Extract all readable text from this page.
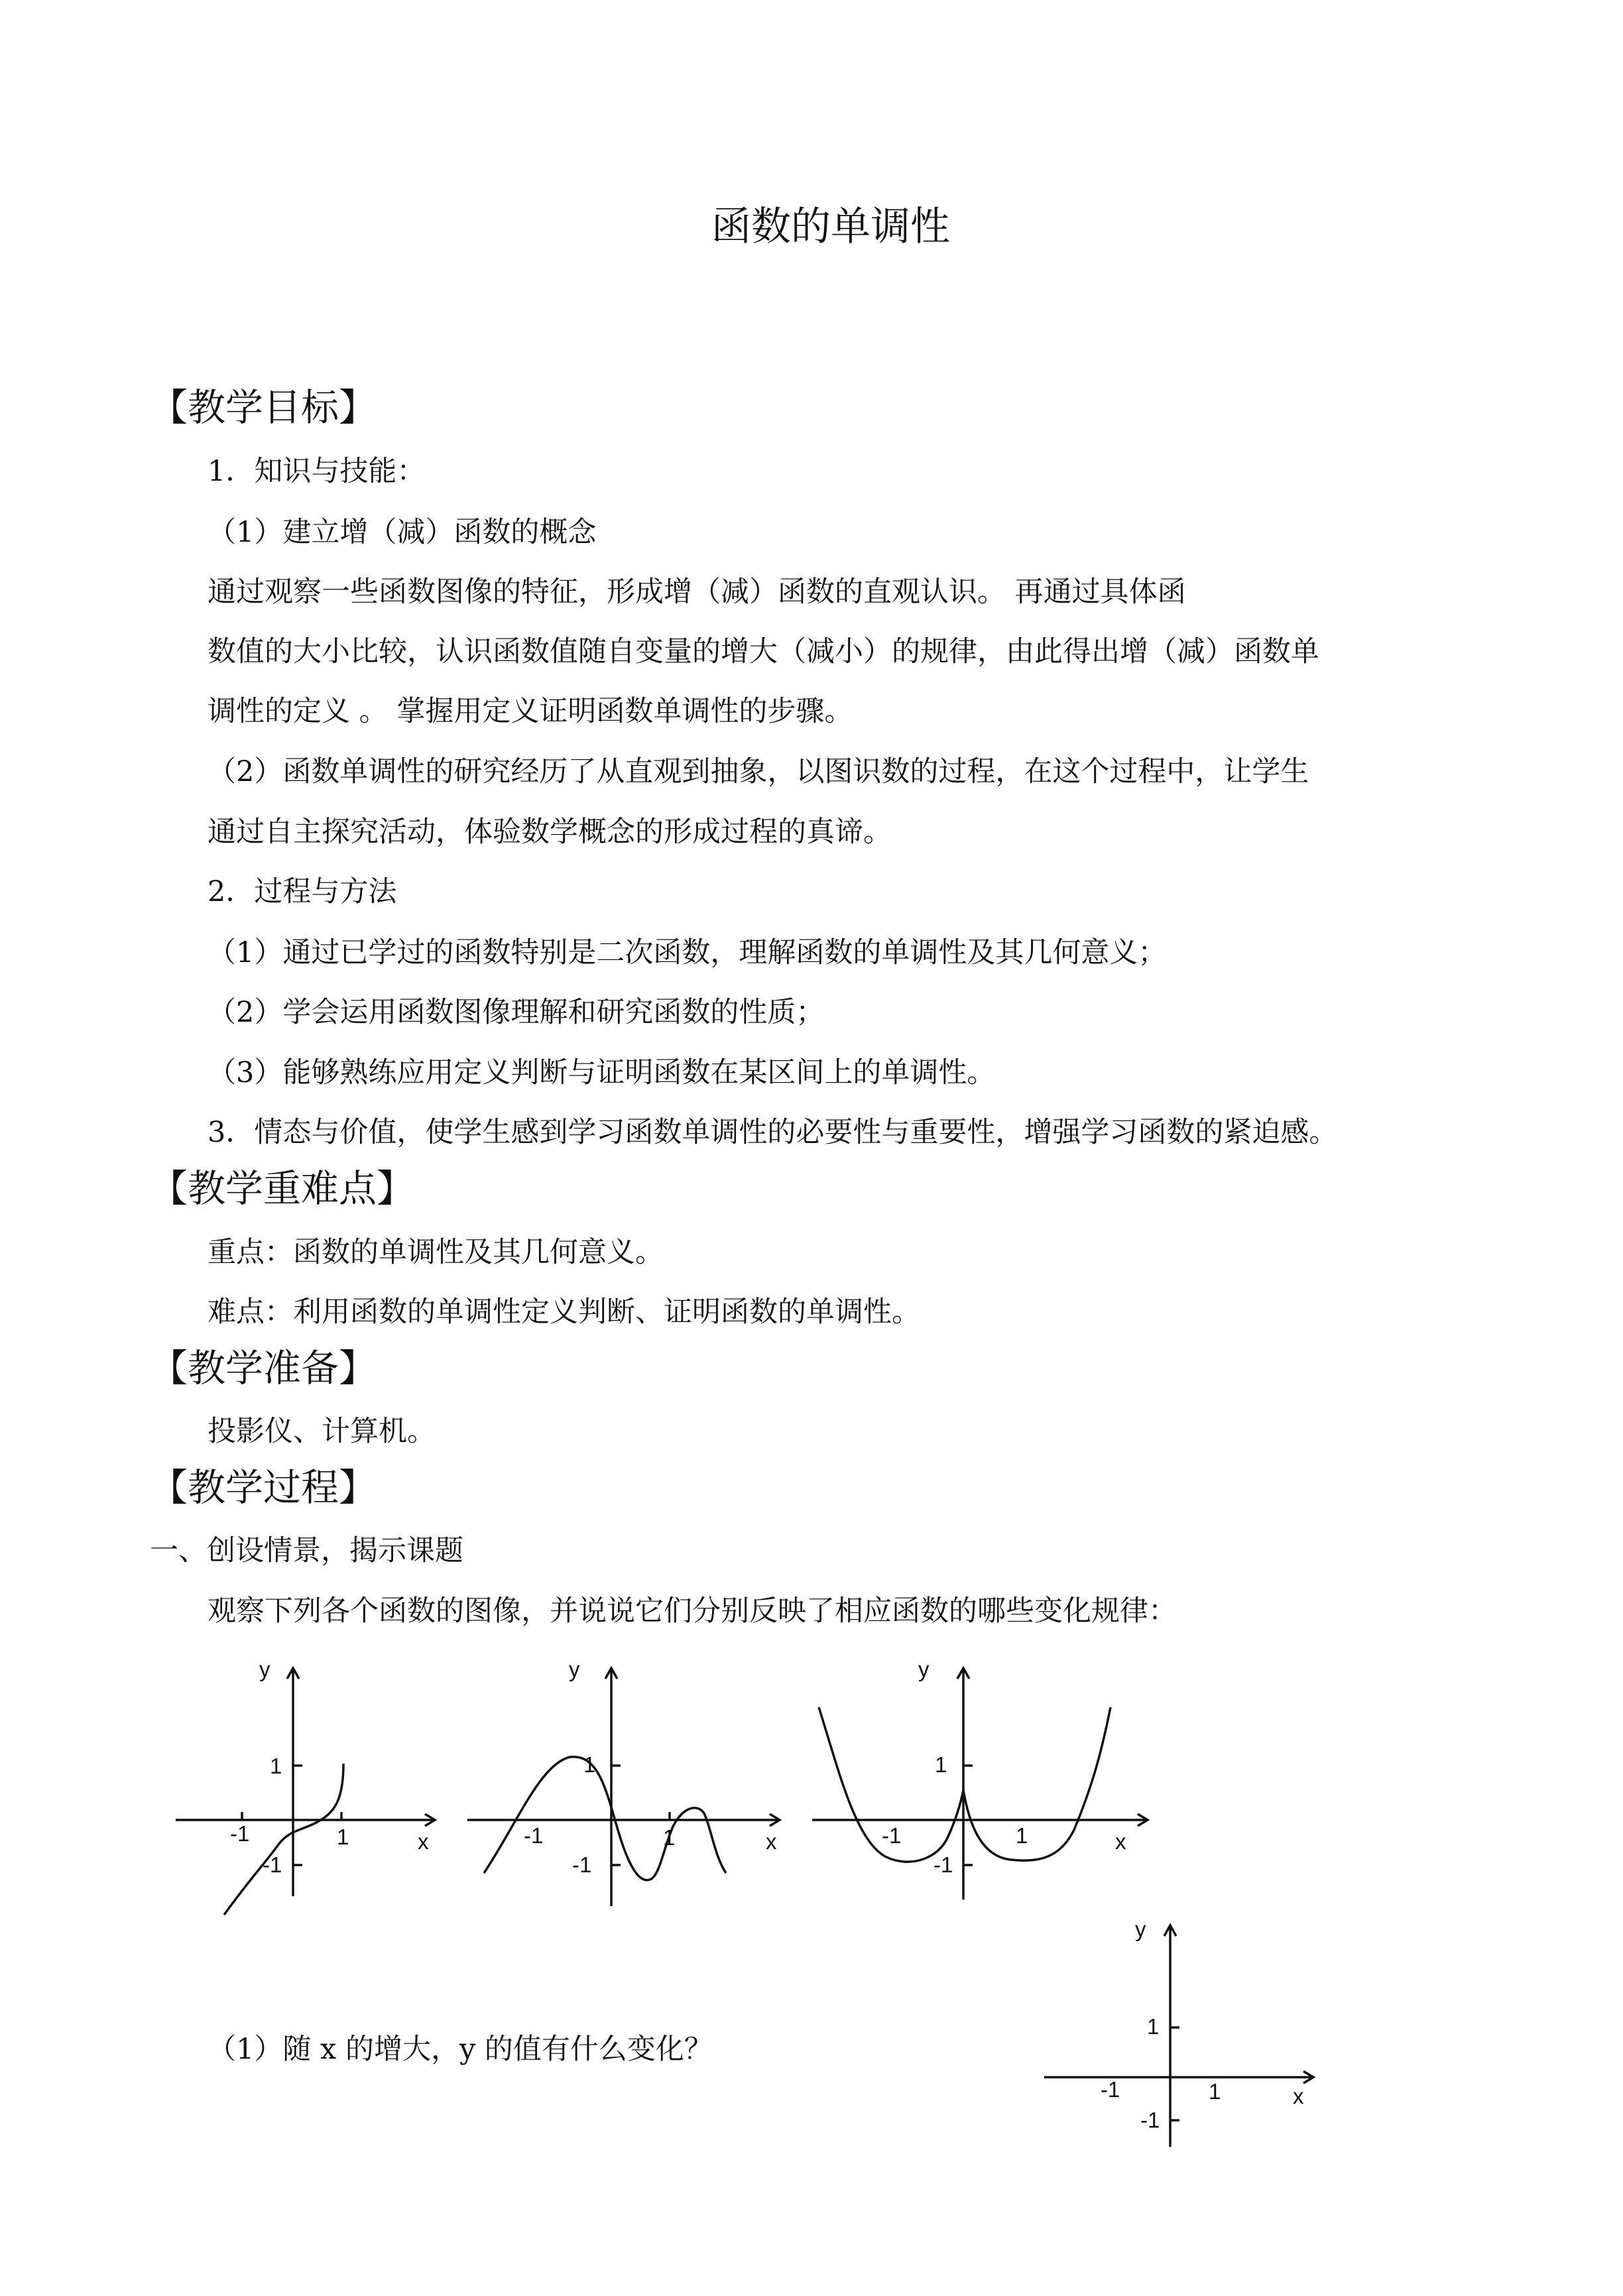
函数的单调性
【教学目标】
1．知识与技能：
（1）建立增（减）函数的概念
通过观察一些函数图像的特征，形成增（减）函数的直观认识。 再通过具体函
数值的大小比较，认识函数值随自变量的增大（减小）的规律，由此得出增（减）函数单
调性的定义 。 掌握用定义证明函数单调性的步骤。
（2）函数单调性的研究经历了从直观到抽象，以图识数的过程，在这个过程中，让学生
通过自主探究活动，体验数学概念的形成过程的真谛。
2．过程与方法
（1）通过已学过的函数特别是二次函数，理解函数的单调性及其几何意义；
（2）学会运用函数图像理解和研究函数的性质；
（3）能够熟练应用定义判断与证明函数在某区间上的单调性。
3．情态与价值，使学生感到学习函数单调性的必要性与重要性，增强学习函数的紧迫感。
【教学重难点】
重点：函数的单调性及其几何意义。
难点：利用函数的单调性定义判断、证明函数的单调性。
【教学准备】
投影仪、计算机。
【教学过程】
一、创设情景，揭示课题
观察下列各个函数的图像，并说说它们分别反映了相应函数的哪些变化规律：
y
x
1
-1	1
-1
y
x
1
-1	1
-1
y
x
1
-1	1
-1
（1）随 x 的增大，y 的值有什么变化？
y
x
1
-1	1
-1
